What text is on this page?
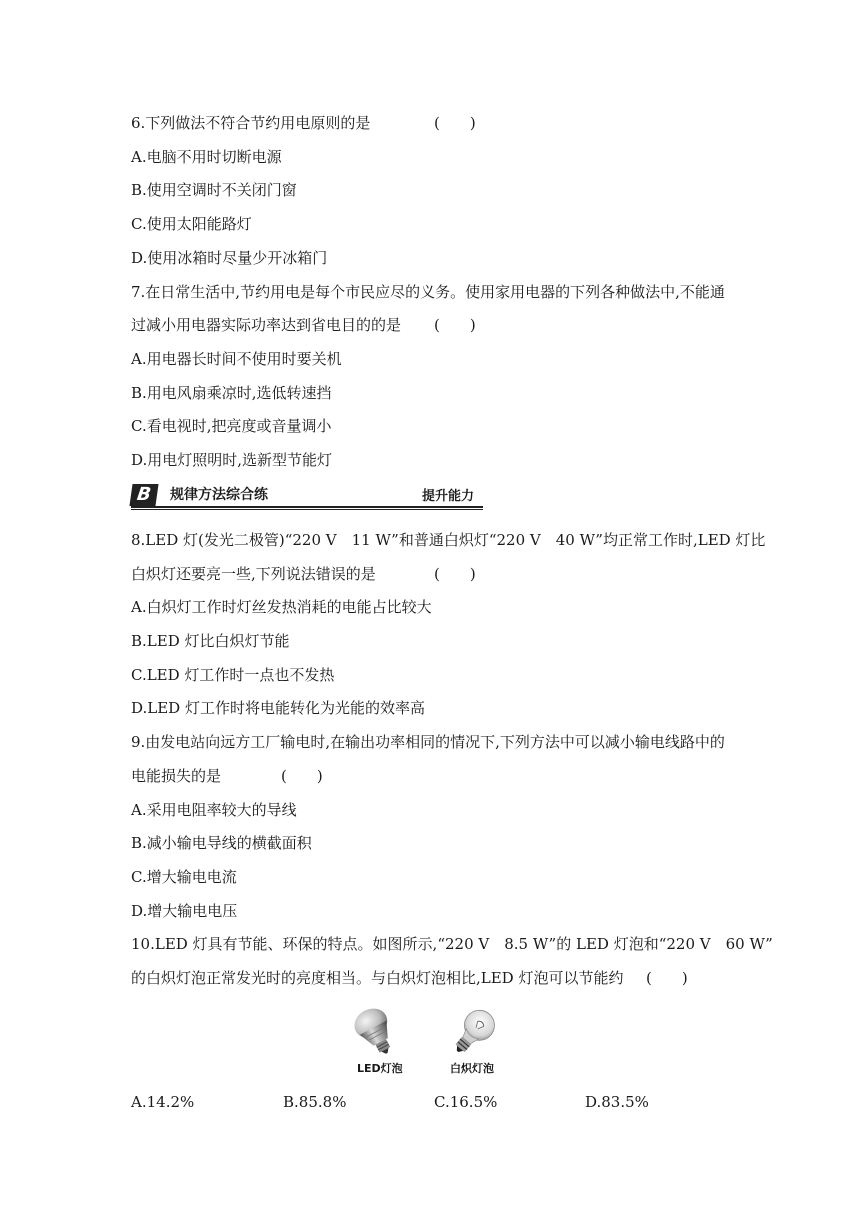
6.下列做法不符合节约用电原则的是	(　　)
A.电脑不用时切断电源
B.使用空调时不关闭门窗
C.使用太阳能路灯
D.使用冰箱时尽量少开冰箱门
7.在日常生活中,节约用电是每个市民应尽的义务。使用家用电器的下列各种做法中,不能通
过减小用电器实际功率达到省电目的的是 (　　)
A.用电器长时间不使用时要关机
B.用电风扇乘凉时,选低转速挡
C.看电视时,把亮度或音量调小
D.用电灯照明时,选新型节能灯
B	规律方法综合练	提升能力
8.LED 灯(发光二极管)“220 V　11 W”和普通白炽灯“220 V　40 W”均正常工作时,LED 灯比
白炽灯还要亮一些,下列说法错误的是	(　　)
A.白炽灯工作时灯丝发热消耗的电能占比较大
B.LED 灯比白炽灯节能
C.LED 灯工作时一点也不发热
D.LED 灯工作时将电能转化为光能的效率高
9.由发电站向远方工厂输电时,在输出功率相同的情况下,下列方法中可以减小输电线路中的
电能损失的是	(　　)
A.采用电阻率较大的导线
B.减小输电导线的横截面积
C.增大输电电流
D.增大输电电压
10.LED 灯具有节能、环保的特点。如图所示,“220 V　8.5 W”的 LED 灯泡和“220 V　60 W”
的白炽灯泡正常发光时的亮度相当。与白炽灯泡相比,LED 灯泡可以节能约 (　　)
LED灯泡	白炽灯泡
A.14.2%	B.85.8%	C.16.5%	D.83.5%
